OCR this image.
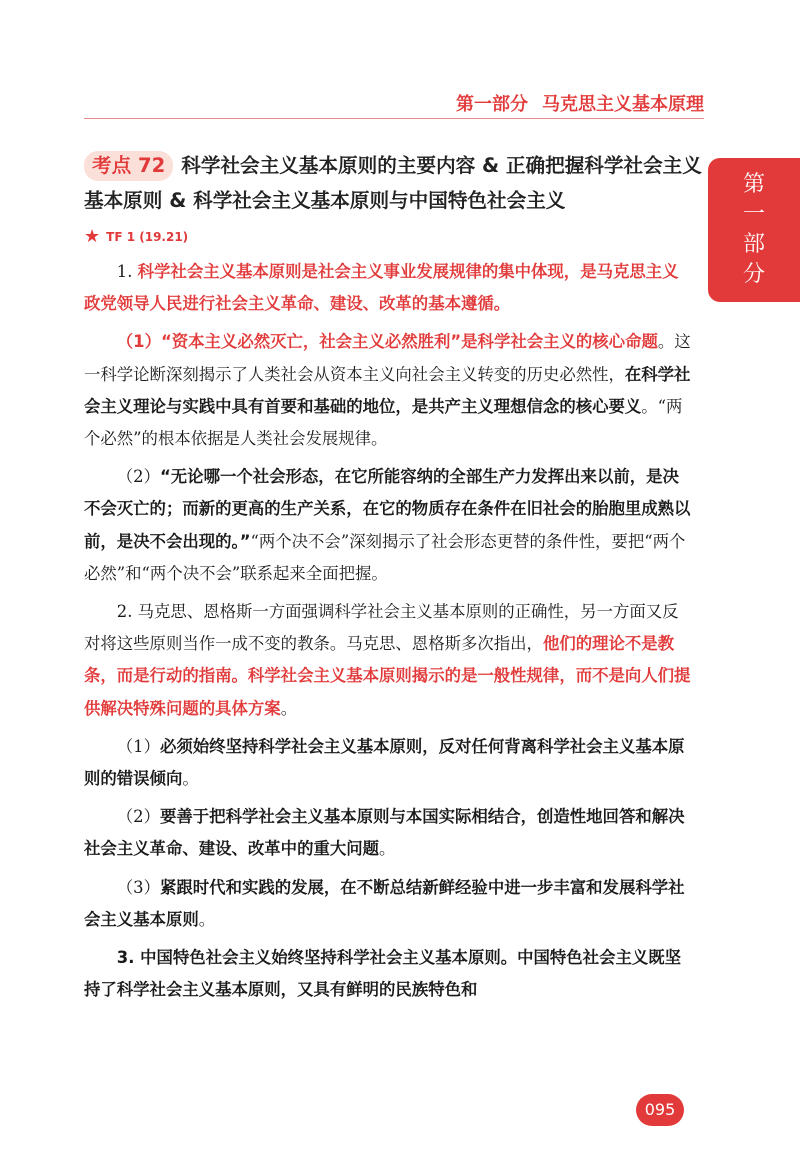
第一部分 马克思主义基本原理
第
一
部
分
考点 72 科学社会主义基本原则的主要内容 & 正确把握科学社会主义基本原则 & 科学社会主义基本原则与中国特色社会主义
★ TF 1 (19.21)

1. 科学社会主义基本原则是社会主义事业发展规律的集中体现，是马克思主义政党领导人民进行社会主义革命、建设、改革的基本遵循。

（1）“资本主义必然灭亡，社会主义必然胜利”是科学社会主义的核心命题。这一科学论断深刻揭示了人类社会从资本主义向社会主义转变的历史必然性，在科学社会主义理论与实践中具有首要和基础的地位，是共产主义理想信念的核心要义。“两个必然”的根本依据是人类社会发展规律。

（2）“无论哪一个社会形态，在它所能容纳的全部生产力发挥出来以前，是决不会灭亡的；而新的更高的生产关系，在它的物质存在条件在旧社会的胎胞里成熟以前，是决不会出现的。”“两个决不会”深刻揭示了社会形态更替的条件性，要把“两个必然”和“两个决不会”联系起来全面把握。

2. 马克思、恩格斯一方面强调科学社会主义基本原则的正确性，另一方面又反对将这些原则当作一成不变的教条。马克思、恩格斯多次指出，他们的理论不是教条，而是行动的指南。科学社会主义基本原则揭示的是一般性规律，而不是向人们提供解决特殊问题的具体方案。

（1）必须始终坚持科学社会主义基本原则，反对任何背离科学社会主义基本原则的错误倾向。

（2）要善于把科学社会主义基本原则与本国实际相结合，创造性地回答和解决社会主义革命、建设、改革中的重大问题。

（3）紧跟时代和实践的发展，在不断总结新鲜经验中进一步丰富和发展科学社会主义基本原则。

3. 中国特色社会主义始终坚持科学社会主义基本原则。中国特色社会主义既坚持了科学社会主义基本原则，又具有鲜明的民族特色和

095
